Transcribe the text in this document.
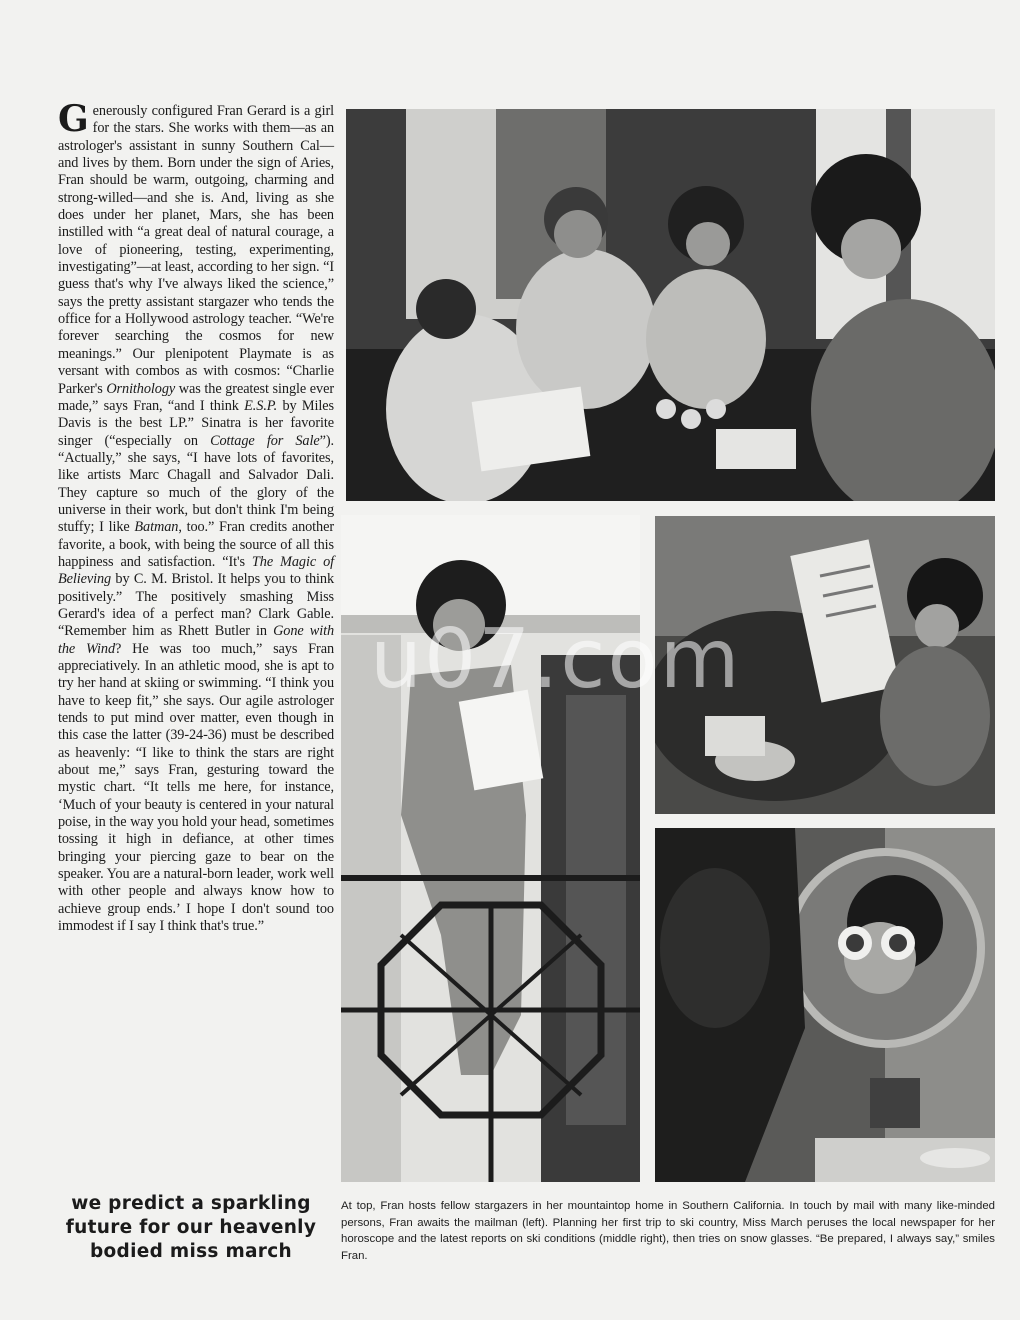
Generously configured Fran Gerard is a girl for the stars. She works with them—as an astrologer's assistant in sunny Southern Cal—and lives by them. Born under the sign of Aries, Fran should be warm, outgoing, charming and strong-willed—and she is. And, living as she does under her planet, Mars, she has been instilled with “a great deal of natural courage, a love of pioneering, testing, experimenting, investigating”—at least, according to her sign. “I guess that's why I've always liked the science,” says the pretty assistant stargazer who tends the office for a Hollywood astrology teacher. “We're forever searching the cosmos for new meanings.” Our plenipotent Playmate is as versant with combos as with cosmos: “Charlie Parker's Ornithology was the greatest single ever made,” says Fran, “and I think E.S.P. by Miles Davis is the best LP.” Sinatra is her favorite singer (“especially on Cottage for Sale”). “Actually,” she says, “I have lots of favorites, like artists Marc Chagall and Salvador Dali. They capture so much of the glory of the universe in their work, but don't think I'm being stuffy; I like Batman, too.” Fran credits another favorite, a book, with being the source of all this happiness and satisfaction. “It's The Magic of Believing by C. M. Bristol. It helps you to think positively.” The positively smashing Miss Gerard's idea of a perfect man? Clark Gable. “Remember him as Rhett Butler in Gone with the Wind? He was too much,” says Fran appreciatively. In an athletic mood, she is apt to try her hand at skiing or swimming. “I think you have to keep fit,” she says. Our agile astrologer tends to put mind over matter, even though in this case the latter (39-24-36) must be described as heavenly: “I like to think the stars are right about me,” says Fran, gesturing toward the mystic chart. “It tells me here, for instance, ‘Much of your beauty is centered in your natural poise, in the way you hold your head, sometimes tossing it high in defiance, at other times bringing your piercing gaze to bear on the speaker. You are a natural-born leader, work well with other people and always know how to achieve group ends.’ I hope I don't sound too immodest if I say I think that's true.”

u07.com
we predict a sparkling
future for our heavenly
bodied miss march
At top, Fran hosts fellow stargazers in her mountaintop home in Southern California. In touch by mail with many like-minded persons, Fran awaits the mailman (left). Planning her first trip to ski country, Miss March peruses the local newspaper for her horoscope and the latest reports on ski conditions (middle right), then tries on snow glasses. “Be prepared, I always say,” smiles Fran.
